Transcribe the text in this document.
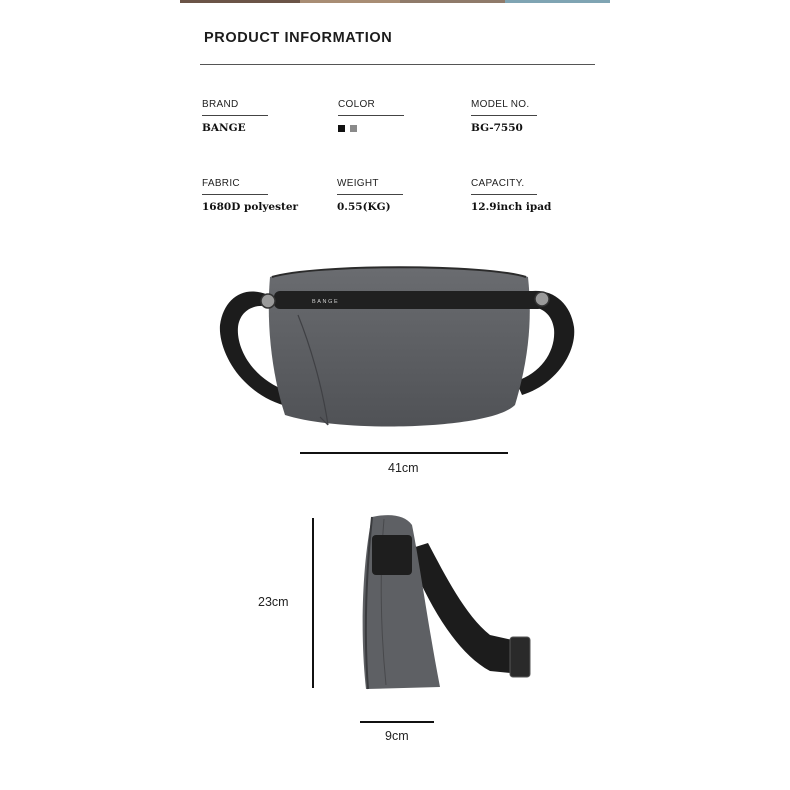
PRODUCT INFORMATION
BRAND
BANGE
COLOR	MODEL NO.
BG-7550
FABRIC
1680D polyester
WEIGHT
0.55(KG)
CAPACITY.
12.9inch ipad
BANGE
41cm
23cm
9cm
